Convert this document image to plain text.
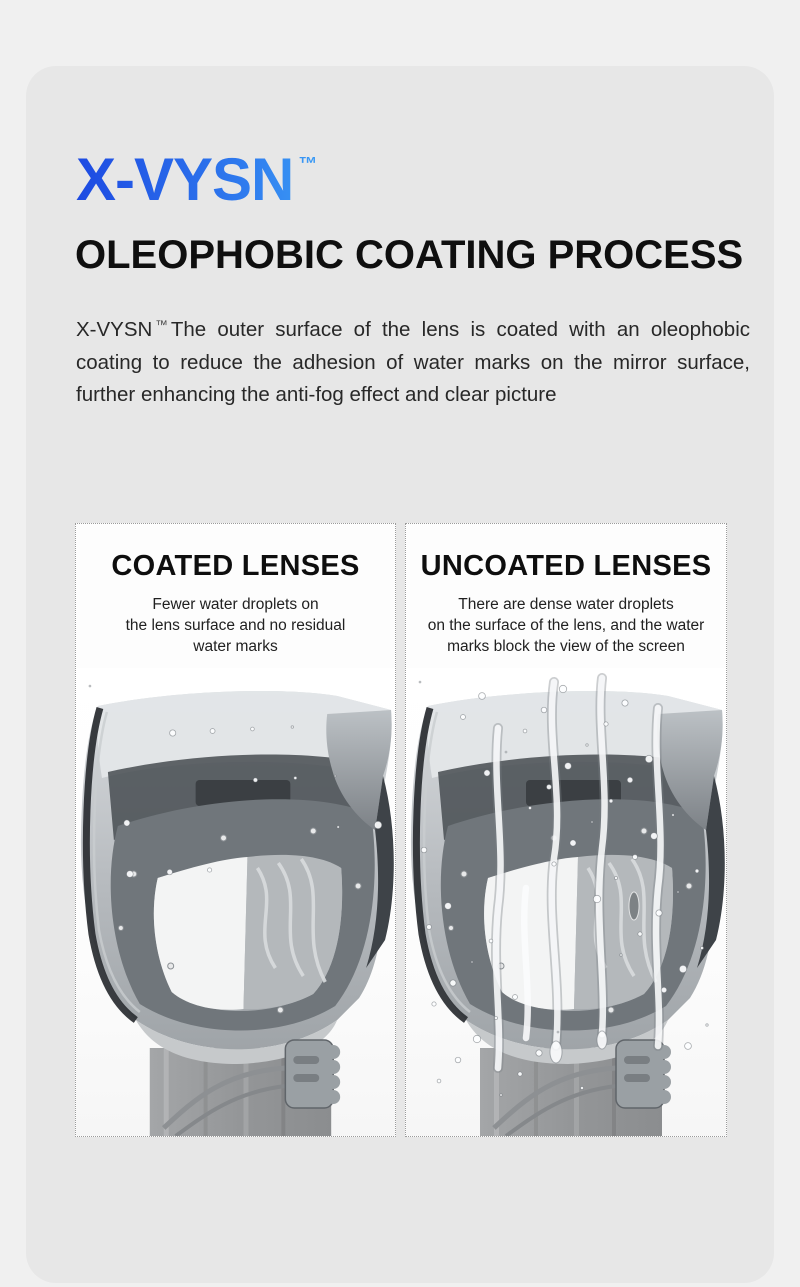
X-VYSN ™
OLEOPHOBIC COATING PROCESS
X-VYSN ™ The outer surface of the lens is coated with an oleophobic
coating to reduce the adhesion of water marks on the mirror surface,
further enhancing the anti-fog effect and clear picture
COATED LENSES
Fewer water droplets on
the lens surface and no residual
water marks
UNCOATED LENSES
There are dense water droplets
on the surface of the lens, and the water
marks block the view of the screen
